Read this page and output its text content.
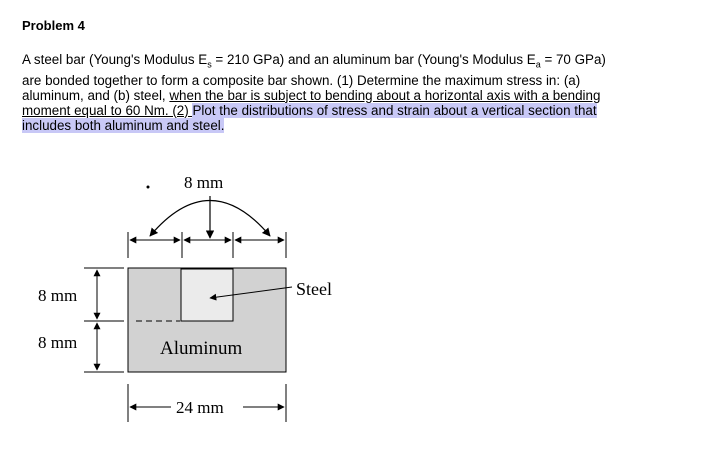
Problem 4
A steel bar (Young's Modulus $E_s = 210$ GPa) and an aluminum bar (Young's Modulus $E_a = 70$ GPa)
are bonded together to form a composite bar shown. (1) Determine the maximum stress in: (a)
aluminum, and (b) steel, when the bar is subject to bending about a horizontal axis with a bending
moment equal to 60 Nm. (2) Plot the distributions of stress and strain about a vertical section that
includes both aluminum and steel.
8 mm
Steel
Aluminum
8 mm
8 mm
24 mm
